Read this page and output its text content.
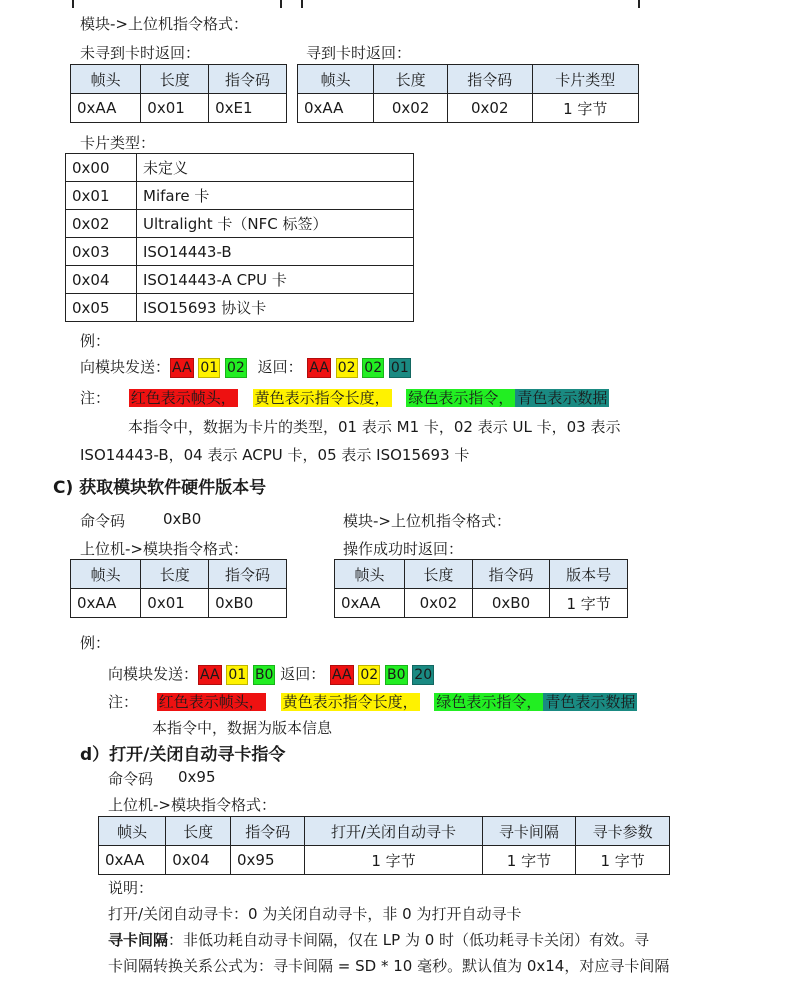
模块->上位机指令格式：
未寻到卡时返回：	寻到卡时返回：
帧头	长度	指令码
0xAA	0x01	0xE1
帧头	长度	指令码	卡片类型
0xAA	0x02	0x02	1 字节
卡片类型：
0x00	未定义
0x01	Mifare 卡
0x02	Ultralight 卡（NFC 标签）
0x03	ISO14443-B
0x04	ISO14443-A CPU 卡
0x05	ISO15693 协议卡
例：
向模块发送： AA 01 02 返回： AA 02 02 01
注： 红色表示帧头， 黄色表示指令长度， 绿色表示指令， 青色表示数据
本指令中，数据为卡片的类型，01 表示 M1 卡，02 表示 UL 卡，03 表示
ISO14443-B，04 表示 ACPU 卡，05 表示 ISO15693 卡
C) 获取模块软件硬件版本号
命令码	0xB0	模块->上位机指令格式：
上位机->模块指令格式：	操作成功时返回：
帧头	长度	指令码
0xAA	0x01	0xB0
帧头	长度	指令码	版本号
0xAA	0x02	0xB0	1 字节
例：
向模块发送： AA 01 B0 返回： AA 02 B0 20
注： 红色表示帧头， 黄色表示指令长度， 绿色表示指令， 青色表示数据
本指令中，数据为版本信息
d）打开/关闭自动寻卡指令
命令码 0x95
上位机->模块指令格式：
帧头	长度	指令码	打开/关闭自动寻卡	寻卡间隔	寻卡参数
0xAA	0x04	0x95	1 字节	1 字节	1 字节
说明：
打开/关闭自动寻卡：0 为关闭自动寻卡，非 0 为打开自动寻卡
寻卡间隔：非低功耗自动寻卡间隔，仅在 LP 为 0 时（低功耗寻卡关闭）有效。寻
卡间隔转换关系公式为：寻卡间隔 = SD * 10 毫秒。默认值为 0x14，对应寻卡间隔
